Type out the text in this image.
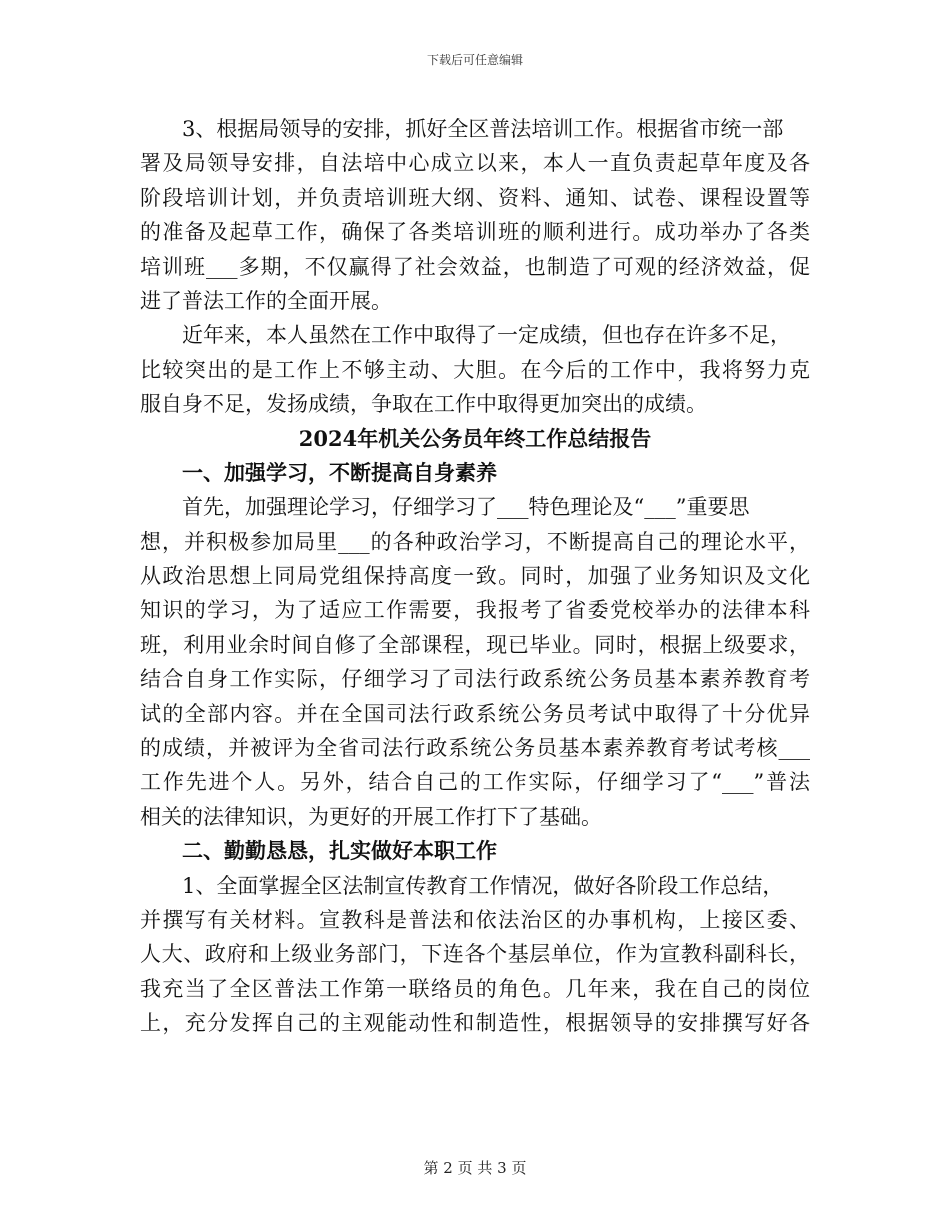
下载后可任意编辑
3、根据局领导的安排，抓好全区普法培训工作。根据省市统一部
署及局领导安排，自法培中心成立以来，本人一直负责起草年度及各
阶段培训计划，并负责培训班大纲、资料、通知、试卷、课程设置等
的准备及起草工作，确保了各类培训班的顺利进行。成功举办了各类
培训班___多期，不仅赢得了社会效益，也制造了可观的经济效益，促
进了普法工作的全面开展。
近年来，本人虽然在工作中取得了一定成绩，但也存在许多不足，
比较突出的是工作上不够主动、大胆。在今后的工作中，我将努力克
服自身不足，发扬成绩，争取在工作中取得更加突出的成绩。
2024年机关公务员年终工作总结报告
一、加强学习，不断提高自身素养
首先，加强理论学习，仔细学习了___特色理论及“___”重要思
想，并积极参加局里___的各种政治学习，不断提高自己的理论水平，
从政治思想上同局党组保持高度一致。同时，加强了业务知识及文化
知识的学习，为了适应工作需要，我报考了省委党校举办的法律本科
班，利用业余时间自修了全部课程，现已毕业。同时，根据上级要求，
结合自身工作实际，仔细学习了司法行政系统公务员基本素养教育考
试的全部内容。并在全国司法行政系统公务员考试中取得了十分优异
的成绩，并被评为全省司法行政系统公务员基本素养教育考试考核___
工作先进个人。另外，结合自己的工作实际，仔细学习了“___”普法
相关的法律知识，为更好的开展工作打下了基础。
二、勤勤恳恳，扎实做好本职工作
1、全面掌握全区法制宣传教育工作情况，做好各阶段工作总结，
并撰写有关材料。宣教科是普法和依法治区的办事机构，上接区委、
人大、政府和上级业务部门，下连各个基层单位，作为宣教科副科长，
我充当了全区普法工作第一联络员的角色。几年来，我在自己的岗位
上，充分发挥自己的主观能动性和制造性，根据领导的安排撰写好各
第 2 页 共 3 页
